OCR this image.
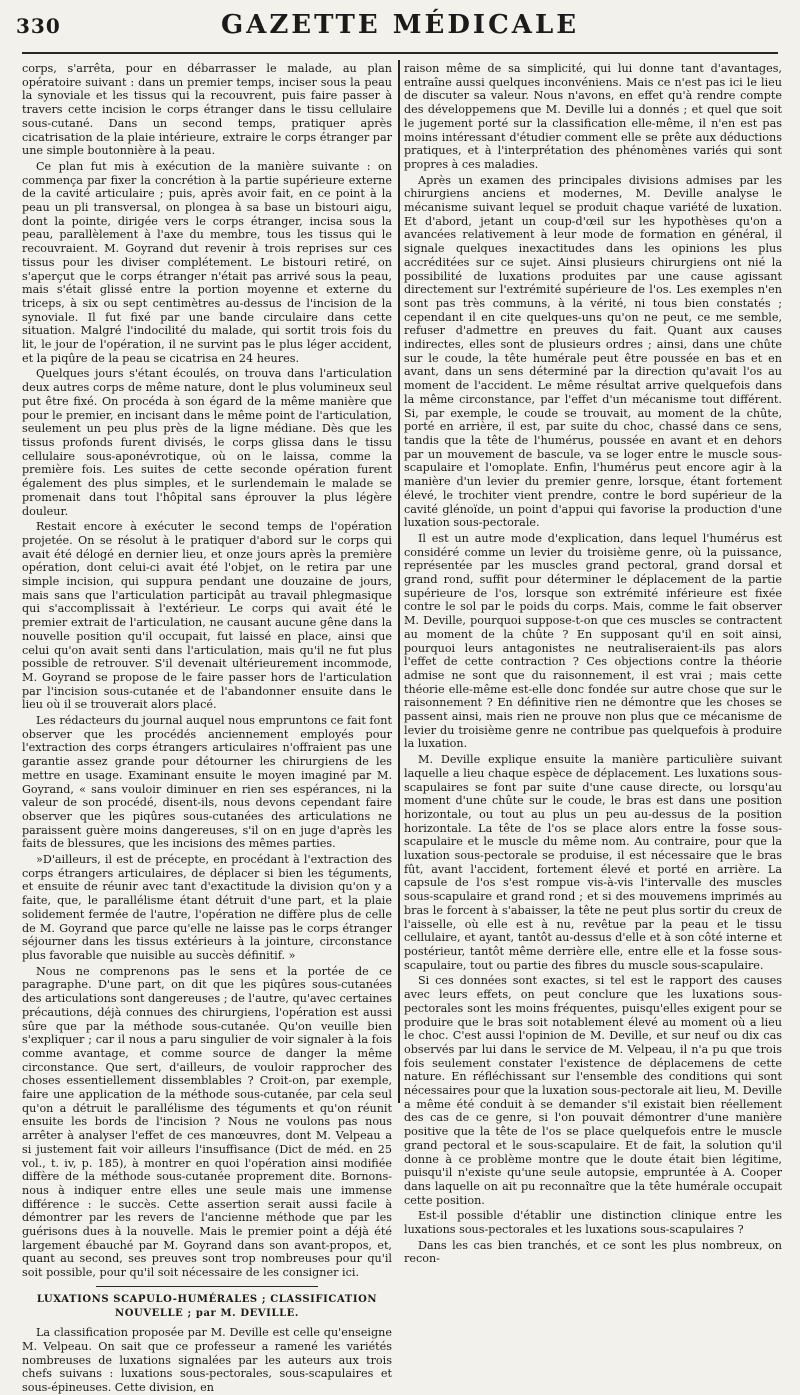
330	GAZETTE MÉDICALE

corps, s'arrêta, pour en débarrasser le malade, au plan opératoire suivant : dans un premier temps, inciser sous la peau la synoviale et les tissus qui la recouvrent, puis faire passer à travers cette incision le corps étranger dans le tissu cellulaire sous-cutané. Dans un second temps, pratiquer après cicatrisation de la plaie intérieure, extraire le corps étranger par une simple boutonnière à la peau.

Ce plan fut mis à exécution de la manière suivante : on commença par fixer la concrétion à la partie supérieure externe de la cavité articulaire ; puis, après avoir fait, en ce point à la peau un pli transversal, on plongea à sa base un bistouri aigu, dont la pointe, dirigée vers le corps étranger, incisa sous la peau, parallèlement à l'axe du membre, tous les tissus qui le recouvraient. M. Goyrand dut revenir à trois reprises sur ces tissus pour les diviser complétement. Le bistouri retiré, on s'aperçut que le corps étranger n'était pas arrivé sous la peau, mais s'était glissé entre la portion moyenne et externe du triceps, à six ou sept centimètres au-dessus de l'incision de la synoviale. Il fut fixé par une bande circulaire dans cette situation. Malgré l'indocilité du malade, qui sortit trois fois du lit, le jour de l'opération, il ne survint pas le plus léger accident, et la piqûre de la peau se cicatrisa en 24 heures.

Quelques jours s'étant écoulés, on trouva dans l'articulation deux autres corps de même nature, dont le plus volumineux seul put être fixé. On procéda à son égard de la même manière que pour le premier, en incisant dans le même point de l'articulation, seulement un peu plus près de la ligne médiane. Dès que les tissus profonds furent divisés, le corps glissa dans le tissu cellulaire sous-aponévrotique, où on le laissa, comme la première fois. Les suites de cette seconde opération furent également des plus simples, et le surlendemain le malade se promenait dans tout l'hôpital sans éprouver la plus légère douleur.

Restait encore à exécuter le second temps de l'opération projetée. On se résolut à le pratiquer d'abord sur le corps qui avait été délogé en dernier lieu, et onze jours après la première opération, dont celui-ci avait été l'objet, on le retira par une simple incision, qui suppura pendant une douzaine de jours, mais sans que l'articulation participât au travail phlegmasique qui s'accomplissait à l'extérieur. Le corps qui avait été le premier extrait de l'articulation, ne causant aucune gêne dans la nouvelle position qu'il occupait, fut laissé en place, ainsi que celui qu'on avait senti dans l'articulation, mais qu'il ne fut plus possible de retrouver. S'il devenait ultérieurement incommode, M. Goyrand se propose de le faire passer hors de l'articulation par l'incision sous-cutanée et de l'abandonner ensuite dans le lieu où il se trouverait alors placé.

Les rédacteurs du journal auquel nous empruntons ce fait font observer que les procédés anciennement employés pour l'extraction des corps étrangers articulaires n'offraient pas une garantie assez grande pour détourner les chirurgiens de les mettre en usage. Examinant ensuite le moyen imaginé par M. Goyrand, « sans vouloir diminuer en rien ses espérances, ni la valeur de son procédé, disent-ils, nous devons cependant faire observer que les piqûres sous-cutanées des articulations ne paraissent guère moins dangereuses, s'il on en juge d'après les faits de blessures, que les incisions des mêmes parties.

»D'ailleurs, il est de précepte, en procédant à l'extraction des corps étrangers articulaires, de déplacer si bien les téguments, et ensuite de réunir avec tant d'exactitude la division qu'on y a faite, que, le parallélisme étant détruit d'une part, et la plaie solidement fermée de l'autre, l'opération ne diffère plus de celle de M. Goyrand que parce qu'elle ne laisse pas le corps étranger séjourner dans les tissus extérieurs à la jointure, circonstance plus favorable que nuisible au succès définitif. »

Nous ne comprenons pas le sens et la portée de ce paragraphe. D'une part, on dit que les piqûres sous-cutanées des articulations sont dangereuses ; de l'autre, qu'avec certaines précautions, déjà connues des chirurgiens, l'opération est aussi sûre que par la méthode sous-cutanée. Qu'on veuille bien s'expliquer ; car il nous a paru singulier de voir signaler à la fois comme avantage, et comme source de danger la même circonstance. Que sert, d'ailleurs, de vouloir rapprocher des choses essentiellement dissemblables ? Croit-on, par exemple, faire une application de la méthode sous-cutanée, par cela seul qu'on a détruit le parallélisme des téguments et qu'on réunit ensuite les bords de l'incision ? Nous ne voulons pas nous arrêter à analyser l'effet de ces manœuvres, dont M. Velpeau a si justement fait voir ailleurs l'insuffisance (Dict de méd. en 25 vol., t. iv, p. 185), à montrer en quoi l'opération ainsi modifiée diffère de la méthode sous-cutanée proprement dite. Bornons-nous à indiquer entre elles une seule mais une immense différence : le succès. Cette assertion serait aussi facile à démontrer par les revers de l'ancienne méthode que par les guérisons dues à la nouvelle. Mais le premier point a déjà été largement ébauché par M. Goyrand dans son avant-propos, et, quant au second, ses preuves sont trop nombreuses pour qu'il soit possible, pour qu'il soit nécessaire de les consigner ici.

LUXATIONS SCAPULO-HUMÉRALES ; CLASSIFICATION NOUVELLE ; par M. DEVILLE.

La classification proposée par M. Deville est celle qu'enseigne M. Velpeau. On sait que ce professeur a ramené les variétés nombreuses de luxations signalées par les auteurs aux trois chefs suivans : luxations sous-pectorales, sous-scapulaires et sous-épineuses. Cette division, en

raison même de sa simplicité, qui lui donne tant d'avantages, entraîne aussi quelques inconvéniens. Mais ce n'est pas ici le lieu de discuter sa valeur. Nous n'avons, en effet qu'à rendre compte des développemens que M. Deville lui a donnés ; et quel que soit le jugement porté sur la classification elle-même, il n'en est pas moins intéressant d'étudier comment elle se prête aux déductions pratiques, et à l'interprétation des phénomènes variés qui sont propres à ces maladies.

Après un examen des principales divisions admises par les chirurgiens anciens et modernes, M. Deville analyse le mécanisme suivant lequel se produit chaque variété de luxation. Et d'abord, jetant un coup-d'œil sur les hypothèses qu'on a avancées relativement à leur mode de formation en général, il signale quelques inexactitudes dans les opinions les plus accréditées sur ce sujet. Ainsi plusieurs chirurgiens ont nié la possibilité de luxations produites par une cause agissant directement sur l'extrémité supérieure de l'os. Les exemples n'en sont pas très communs, à la vérité, ni tous bien constatés ; cependant il en cite quelques-uns qu'on ne peut, ce me semble, refuser d'admettre en preuves du fait. Quant aux causes indirectes, elles sont de plusieurs ordres ; ainsi, dans une chûte sur le coude, la tête humérale peut être poussée en bas et en avant, dans un sens déterminé par la direction qu'avait l'os au moment de l'accident. Le même résultat arrive quelquefois dans la même circonstance, par l'effet d'un mécanisme tout différent. Si, par exemple, le coude se trouvait, au moment de la chûte, porté en arrière, il est, par suite du choc, chassé dans ce sens, tandis que la tête de l'humérus, poussée en avant et en dehors par un mouvement de bascule, va se loger entre le muscle sous-scapulaire et l'omoplate. Enfin, l'humérus peut encore agir à la manière d'un levier du premier genre, lorsque, étant fortement élevé, le trochiter vient prendre, contre le bord supérieur de la cavité glénoïde, un point d'appui qui favorise la production d'une luxation sous-pectorale.

Il est un autre mode d'explication, dans lequel l'humérus est considéré comme un levier du troisième genre, où la puissance, représentée par les muscles grand pectoral, grand dorsal et grand rond, suffit pour déterminer le déplacement de la partie supérieure de l'os, lorsque son extrémité inférieure est fixée contre le sol par le poids du corps. Mais, comme le fait observer M. Deville, pourquoi suppose-t-on que ces muscles se contractent au moment de la chûte ? En supposant qu'il en soit ainsi, pourquoi leurs antagonistes ne neutraliseraient-ils pas alors l'effet de cette contraction ? Ces objections contre la théorie admise ne sont que du raisonnement, il est vrai ; mais cette théorie elle-même est-elle donc fondée sur autre chose que sur le raisonnement ? En définitive rien ne démontre que les choses se passent ainsi, mais rien ne prouve non plus que ce mécanisme de levier du troisième genre ne contribue pas quelquefois à produire la luxation.

M. Deville explique ensuite la manière particulière suivant laquelle a lieu chaque espèce de déplacement. Les luxations sous-scapulaires se font par suite d'une cause directe, ou lorsqu'au moment d'une chûte sur le coude, le bras est dans une position horizontale, ou tout au plus un peu au-dessus de la position horizontale. La tête de l'os se place alors entre la fosse sous-scapulaire et le muscle du même nom. Au contraire, pour que la luxation sous-pectorale se produise, il est nécessaire que le bras fût, avant l'accident, fortement élevé et porté en arrière. La capsule de l'os s'est rompue vis-à-vis l'intervalle des muscles sous-scapulaire et grand rond ; et si des mouvemens imprimés au bras le forcent à s'abaisser, la tête ne peut plus sortir du creux de l'aisselle, où elle est à nu, revêtue par la peau et le tissu cellulaire, et ayant, tantôt au-dessus d'elle et à son côté interne et postérieur, tantôt même derrière elle, entre elle et la fosse sous-scapulaire, tout ou partie des fibres du muscle sous-scapulaire.

Si ces données sont exactes, si tel est le rapport des causes avec leurs effets, on peut conclure que les luxations sous-pectorales sont les moins fréquentes, puisqu'elles exigent pour se produire que le bras soit notablement élevé au moment où a lieu le choc. C'est aussi l'opinion de M. Deville, et sur neuf ou dix cas observés par lui dans le service de M. Velpeau, il n'a pu que trois fois seulement constater l'existence de déplacemens de cette nature. En réfléchissant sur l'ensemble des conditions qui sont nécessaires pour que la luxation sous-pectorale ait lieu, M. Deville a même été conduit à se demander s'il existait bien réellement des cas de ce genre, si l'on pouvait démontrer d'une manière positive que la tête de l'os se place quelquefois entre le muscle grand pectoral et le sous-scapulaire. Et de fait, la solution qu'il donne à ce problème montre que le doute était bien légitime, puisqu'il n'existe qu'une seule autopsie, empruntée à A. Cooper dans laquelle on ait pu reconnaître que la tête humérale occupait cette position.

Est-il possible d'établir une distinction clinique entre les luxations sous-pectorales et les luxations sous-scapulaires ?

Dans les cas bien tranchés, et ce sont les plus nombreux, on recon-
